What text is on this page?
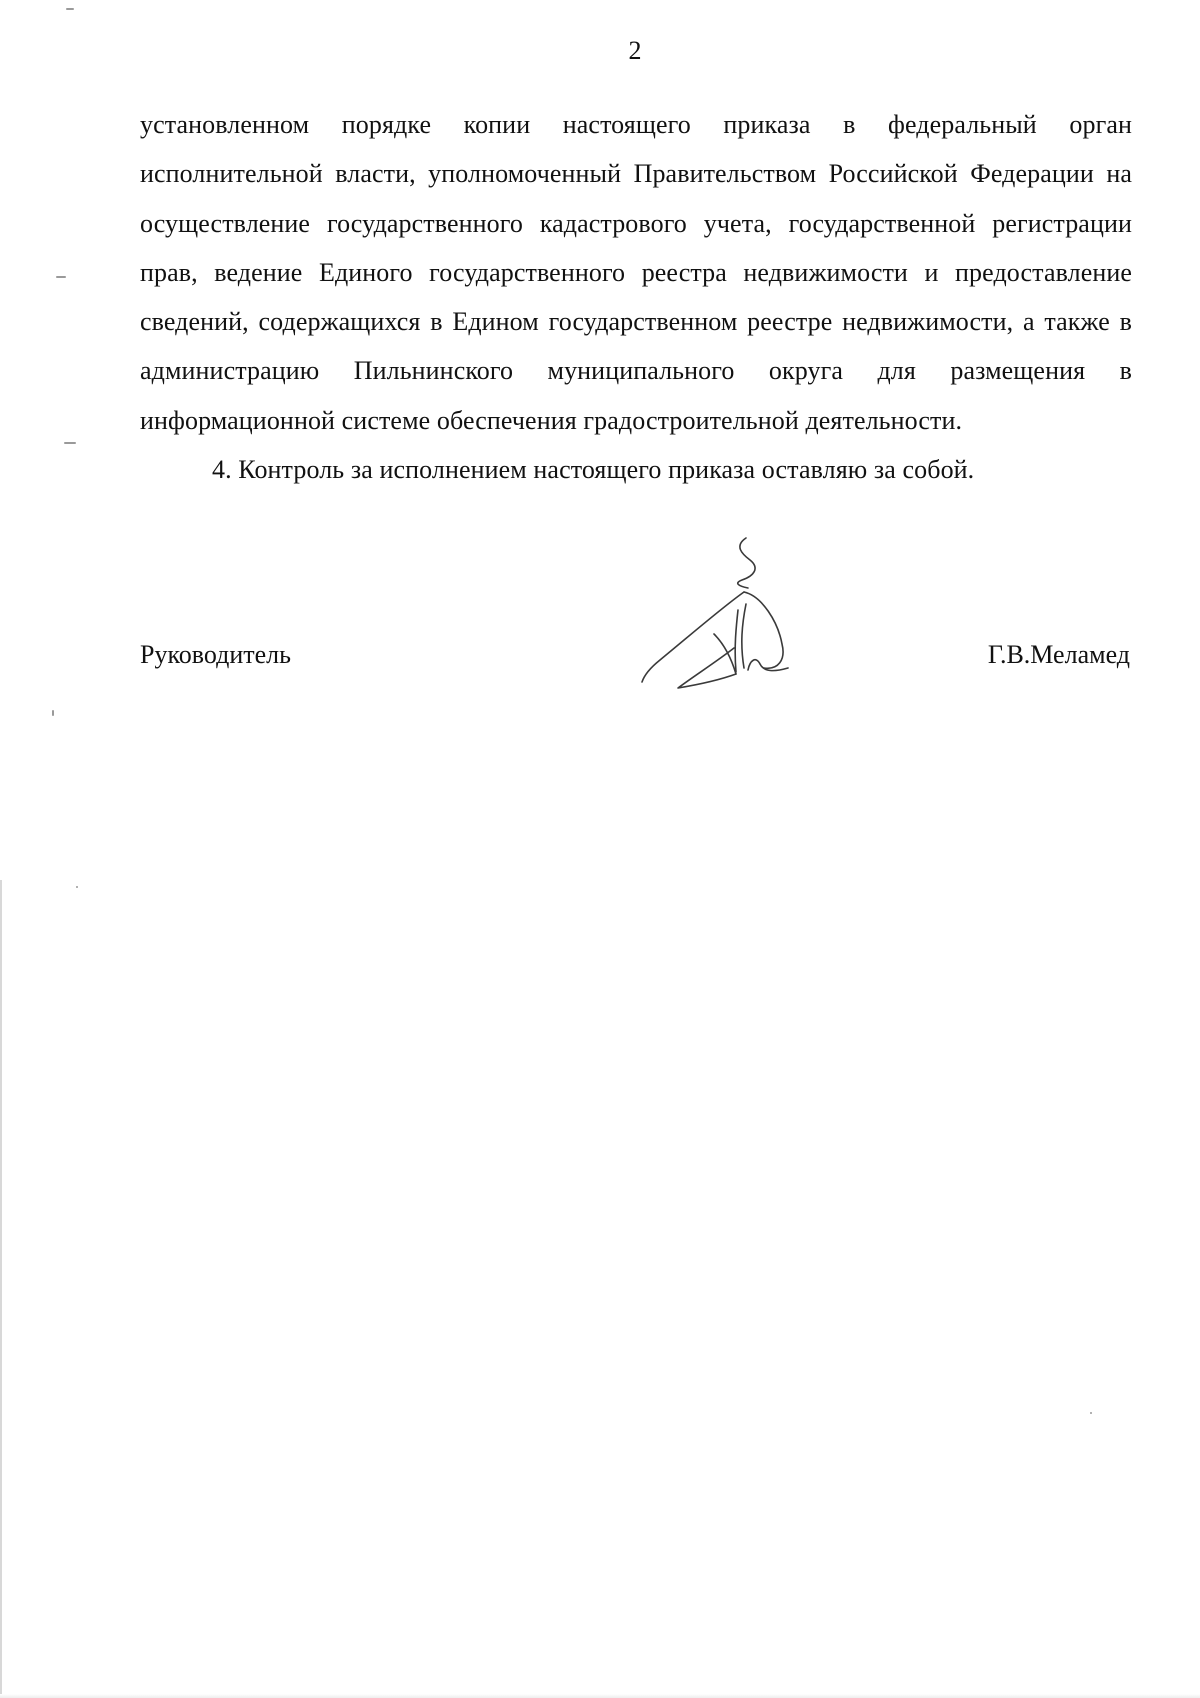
2

установленном порядке копии настоящего приказа в федеральный орган исполнительной власти, уполномоченный Правительством Российской Федерации на осуществление государственного кадастрового учета, государственной регистрации прав, ведение Единого государственного реестра недвижимости и предоставление сведений, содержащихся в Едином государственном реестре недвижимости, а также в администрацию Пильнинского муниципального округа для размещения в информационной системе обеспечения градостроительной деятельности.

4. Контроль за исполнением настоящего приказа оставляю за собой.

Руководитель	Г.В.Меламед
